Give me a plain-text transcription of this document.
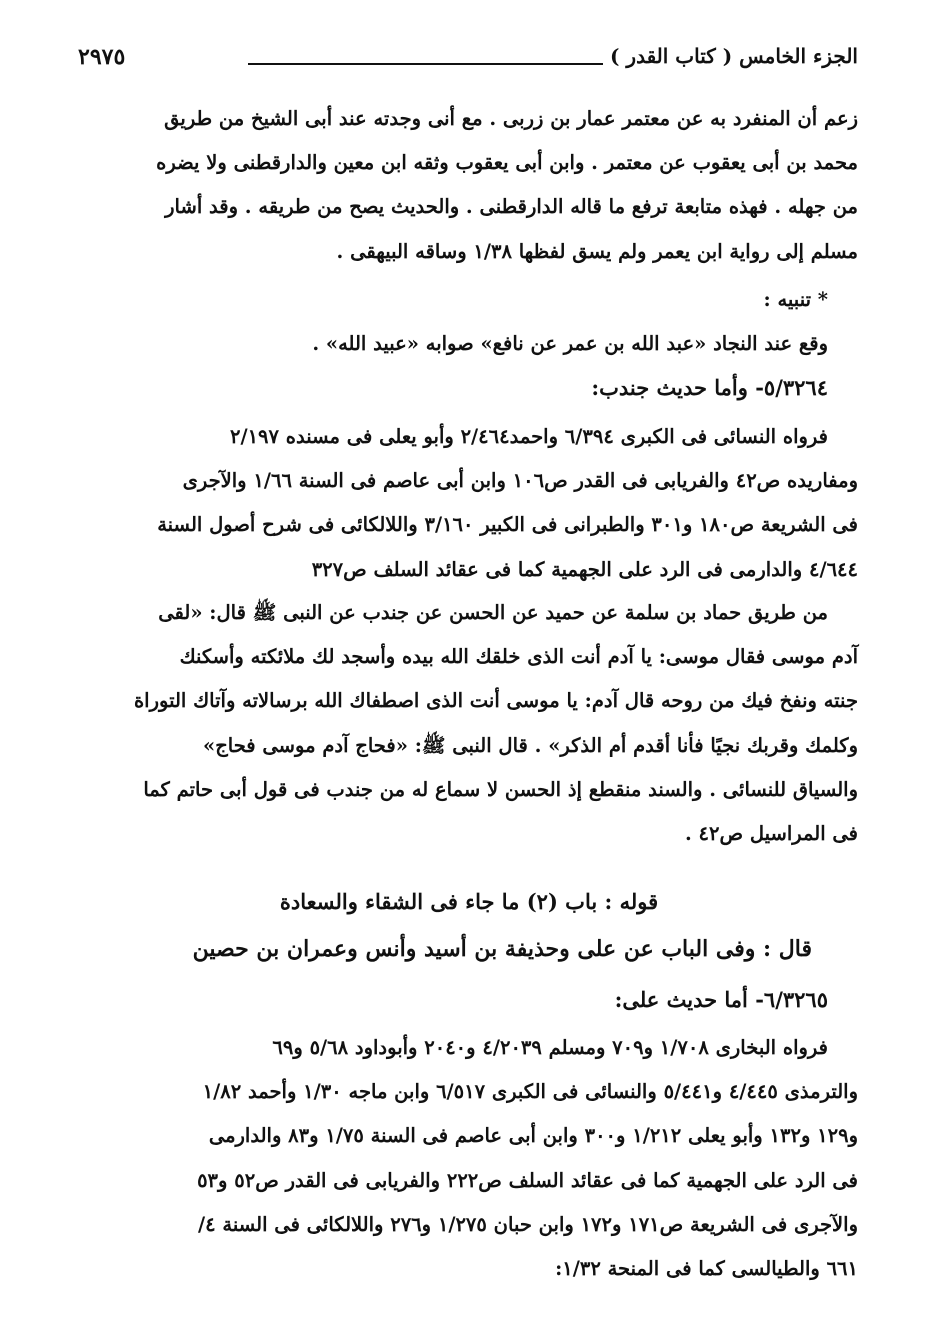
الجزء الخامس ( كتاب القدر )
٢٩٧٥

زعم أن المنفرد به عن معتمر عمار بن زربى . مع أنى وجدته عند أبى الشيخ من طريق

محمد بن أبى يعقوب عن معتمر . وابن أبى يعقوب وثقه ابن معين والدارقطنى ولا يضره

من جهله . فهذه متابعة ترفع ما قاله الدارقطنى . والحديث يصح من طريقه . وقد أشار

مسلم إلى رواية ابن يعمر ولم يسق لفظها ١/٣٨ وساقه البيهقى .

* تنبيه :

وقع عند النجاد «عبد الله بن عمر عن نافع» صوابه «عبيد الله» .

٥/٣٢٦٤- وأما حديث جندب:

فرواه النسائى فى الكبرى ٦/٣٩٤ واحمد٢/٤٦٤ وأبو يعلى فى مسنده ٢/١٩٧

ومفاريده ص٤٢ والفريابى فى القدر ص١٠٦ وابن أبى عاصم فى السنة ١/٦٦ والآجرى

فى الشريعة ص١٨٠ و٣٠١ والطبرانى فى الكبير ٣/١٦٠ واللالكائى فى شرح أصول السنة

٤/٦٤٤ والدارمى فى الرد على الجهمية كما فى عقائد السلف ص٣٢٧

من طريق حماد بن سلمة عن حميد عن الحسن عن جندب عن النبى ﷺ قال: «لقى

آدم موسى فقال موسى: يا آدم أنت الذى خلقك الله بيده وأسجد لك ملائكته وأسكنك

جنته ونفخ فيك من روحه قال آدم: يا موسى أنت الذى اصطفاك الله برسالاته وآتاك التوراة

وكلمك وقربك نجيًا فأنا أقدم أم الذكر» . قال النبى ﷺ: «فحاج آدم موسى فحاج»

والسياق للنسائى . والسند منقطع إذ الحسن لا سماع له من جندب فى قول أبى حاتم كما

فى المراسيل ص٤٢ .

قوله : باب (٢) ما جاء فى الشقاء والسعادة

قال : وفى الباب عن على وحذيفة بن أسيد وأنس وعمران بن حصين

٦/٣٢٦٥- أما حديث على:

فرواه البخارى ١/٧٠٨ و٧٠٩ ومسلم ٤/٢٠٣٩ و٢٠٤٠ وأبوداود ٥/٦٨ و٦٩

والترمذى ٤/٤٤٥ و٥/٤٤١ والنسائى فى الكبرى ٦/٥١٧ وابن ماجه ١/٣٠ وأحمد ١/٨٢

و١٢٩ و١٣٢ وأبو يعلى ١/٢١٢ و٣٠٠ وابن أبى عاصم فى السنة ١/٧٥ و٨٣ والدارمى

فى الرد على الجهمية كما فى عقائد السلف ص٢٢٢ والفريابى فى القدر ص٥٢ و٥٣

والآجرى فى الشريعة ص١٧١ و١٧٢ وابن حبان ١/٢٧٥ و٢٧٦ واللالكائى فى السنة ٤/

٦٦١ والطيالسى كما فى المنحة ١/٣٢:
